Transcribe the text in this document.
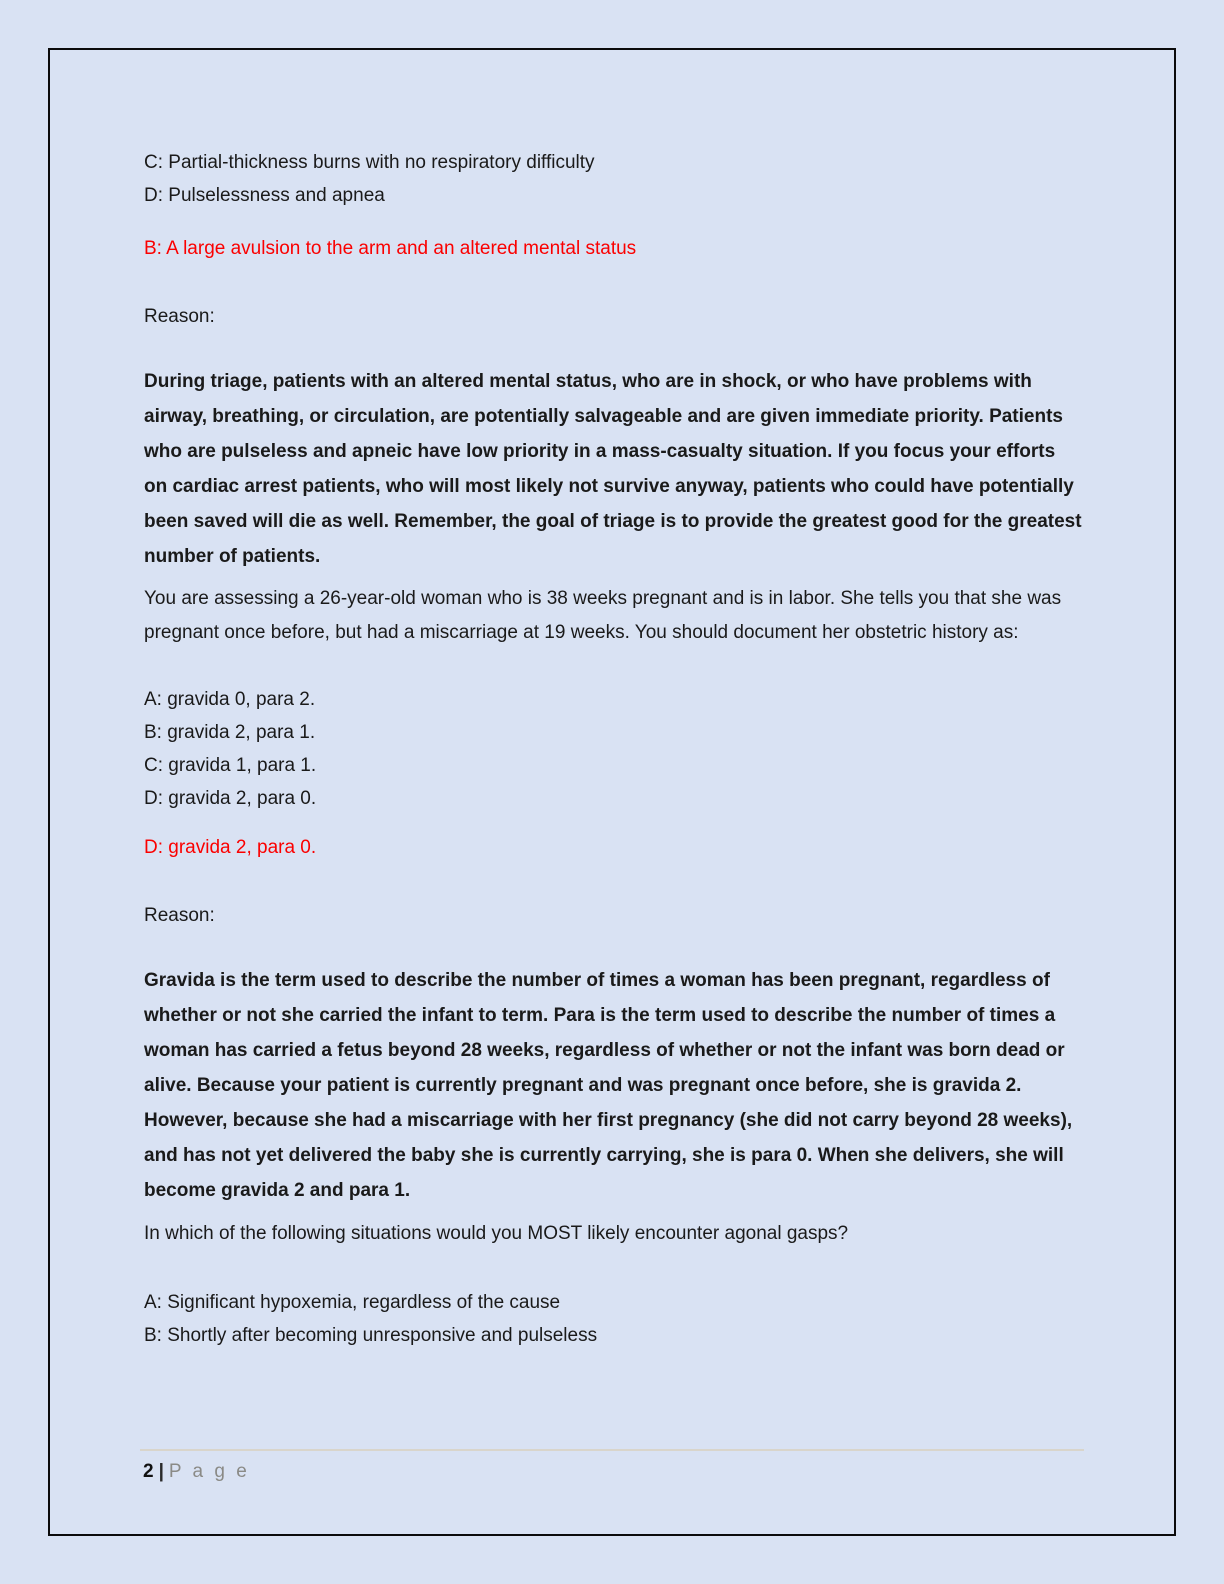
C: Partial-thickness burns with no respiratory difficulty
D: Pulselessness and apnea
B: A large avulsion to the arm and an altered mental status
Reason:
During triage, patients with an altered mental status, who are in shock, or who have problems with airway, breathing, or circulation, are potentially salvageable and are given immediate priority. Patients who are pulseless and apneic have low priority in a mass-casualty situation. If you focus your efforts on cardiac arrest patients, who will most likely not survive anyway, patients who could have potentially been saved will die as well. Remember, the goal of triage is to provide the greatest good for the greatest number of patients.
You are assessing a 26-year-old woman who is 38 weeks pregnant and is in labor. She tells you that she was pregnant once before, but had a miscarriage at 19 weeks. You should document her obstetric history as:
A: gravida 0, para 2.
B: gravida 2, para 1.
C: gravida 1, para 1.
D: gravida 2, para 0.
D: gravida 2, para 0.
Reason:
Gravida is the term used to describe the number of times a woman has been pregnant, regardless of whether or not she carried the infant to term. Para is the term used to describe the number of times a woman has carried a fetus beyond 28 weeks, regardless of whether or not the infant was born dead or alive. Because your patient is currently pregnant and was pregnant once before, she is gravida 2. However, because she had a miscarriage with her first pregnancy (she did not carry beyond 28 weeks), and has not yet delivered the baby she is currently carrying, she is para 0. When she delivers, she will become gravida 2 and para 1.
In which of the following situations would you MOST likely encounter agonal gasps?
A: Significant hypoxemia, regardless of the cause
B: Shortly after becoming unresponsive and pulseless
2 | P a g e
